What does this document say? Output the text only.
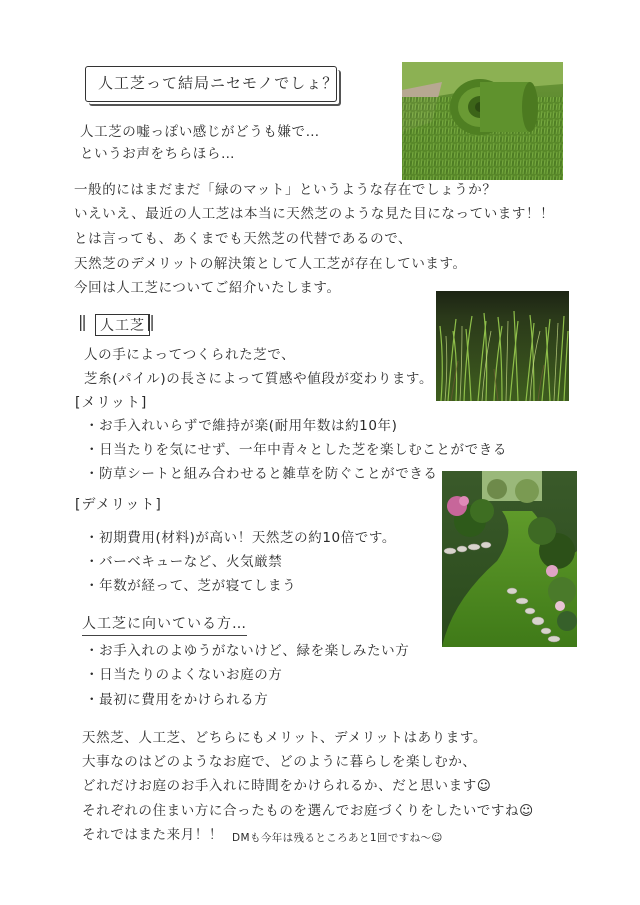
人工芝って結局ニセモノでしょ？
人工芝の嘘っぽい感じがどうも嫌で…
というお声をちらほら…
一般的にはまだまだ「緑のマット」というような存在でしょうか？
いえいえ、最近の人工芝は本当に天然芝のような見た目になっています！！
とは言っても、あくまでも天然芝の代替であるので、
天然芝のデメリットの解決策として人工芝が存在しています。
今回は人工芝についてご紹介いたします。
||	人工芝 ||
人の手によってつくられた芝で、
芝糸(パイル)の長さによって質感や値段が変わります。
[メリット]
・お手入れいらずで維持が楽(耐用年数は約10年)
・日当たりを気にせず、一年中青々とした芝を楽しむことができる
・防草シートと組み合わせると雑草を防ぐことができる
[デメリット]
・初期費用(材料)が高い！天然芝の約10倍です。
・バーベキューなど、火気厳禁
・年数が経って、芝が寝てしまう
人工芝に向いている方…
・お手入れのよゆうがないけど、緑を楽しみたい方
・日当たりのよくないお庭の方
・最初に費用をかけられる方
天然芝、人工芝、どちらにもメリット、デメリットはあります。
大事なのはどのようなお庭で、どのように暮らしを楽しむか、
どれだけお庭のお手入れに時間をかけられるか、だと思います☺
それぞれの住まい方に合ったものを選んでお庭づくりをしたいですね☺
それではまた来月！！ DMも今年は残るところあと1回ですね〜☺
